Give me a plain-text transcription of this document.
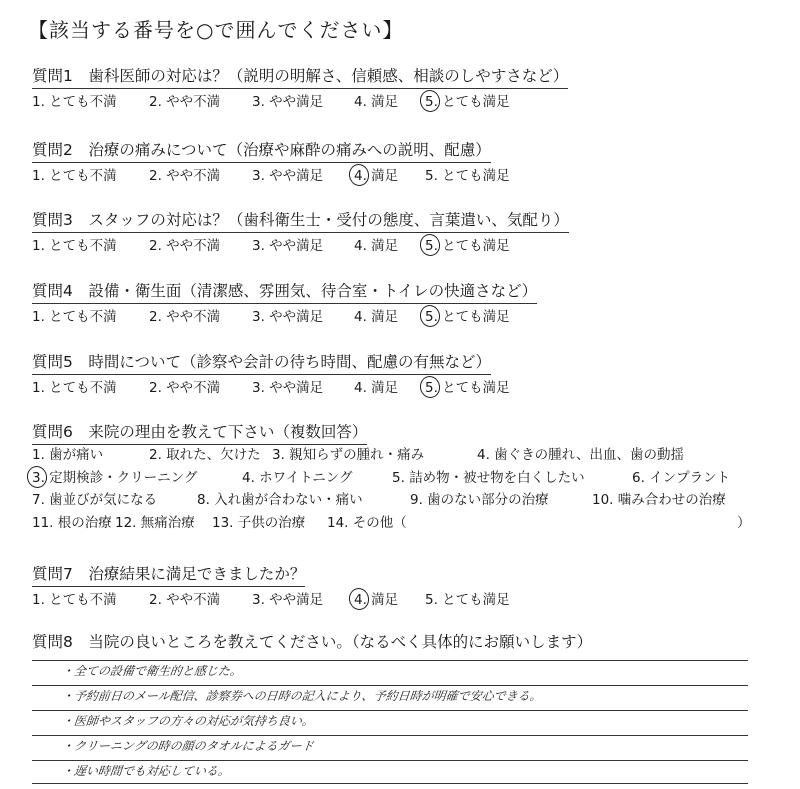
【該当する番号を○で囲んでください】
質問1　歯科医師の対応は？（説明の明解さ、信頼感、相談のしやすさなど）
1. とても不満 2. やや不満 3. やや満足 4. 満足 5. とても満足
質問2　治療の痛みについて（治療や麻酔の痛みへの説明、配慮）
1. とても不満 2. やや不満 3. やや満足 4. 満足 5. とても満足
質問3　スタッフの対応は？（歯科衛生士・受付の態度、言葉遣い、気配り）
1. とても不満 2. やや不満 3. やや満足 4. 満足 5. とても満足
質問4　設備・衛生面（清潔感、雰囲気、待合室・トイレの快適さなど）
1. とても不満 2. やや不満 3. やや満足 4. 満足 5. とても満足
質問5　時間について（診察や会計の待ち時間、配慮の有無など）
1. とても不満 2. やや不満 3. やや満足 4. 満足 5. とても満足
質問6　来院の理由を教えて下さい（複数回答）
1. 歯が痛い	2. 取れた、欠けた 3. 親知らずの腫れ・痛み	4. 歯ぐきの腫れ、出血、歯の動揺
3. 定期検診・クリーニング	4. ホワイトニング	5. 詰め物・被せ物を白くしたい	6. インプラント
7. 歯並びが気になる	8. 入れ歯が合わない・痛い	9. 歯のない部分の治療	10. 噛み合わせの治療
11. 根の治療 12. 無痛治療 13. 子供の治療 14. その他（	）
質問7　治療結果に満足できましたか？
1. とても不満 2. やや不満 3. やや満足 4. 満足 5. とても満足
質問8　当院の良いところを教えてください。（なるべく具体的にお願いします）
・全ての設備で衛生的と感じた。
・予約前日のメール配信、診察券への日時の記入により、予約日時が明確で安心できる。
・医師やスタッフの方々の対応が気持ち良い。
・クリーニングの時の顔のタオルによるガード
・遅い時間でも対応している。
